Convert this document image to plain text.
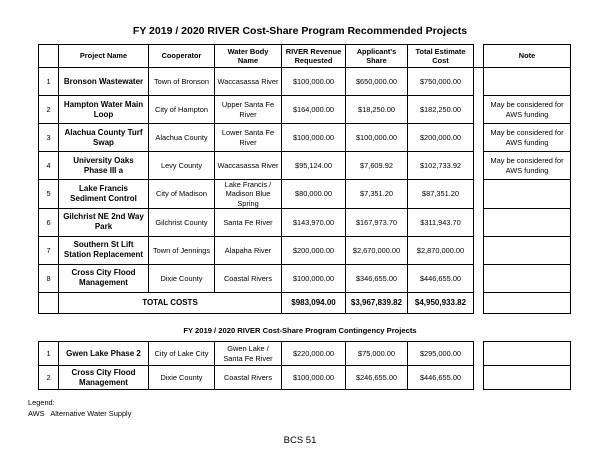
FY 2019 / 2020 RIVER Cost-Share Program Recommended Projects
	Project Name	Cooperator	Water Body Name	RIVER Revenue Requested	Applicant's Share	Total Estimate Cost		Note
1	Bronson Wastewater	Town of Bronson	Waccasassa River	$100,000.00	$650,000.00	$750,000.00		
2	Hampton Water Main Loop	City of Hampton	Upper Santa Fe River	$164,000.00	$18,250.00	$182,250.00		May be considered for AWS funding
3	Alachua County Turf Swap	Alachua County	Lower Santa Fe River	$100,000.00	$100,000.00	$200,000.00		May be considered for AWS funding
4	University Oaks Phase III a	Levy County	Waccasassa River	$95,124.00	$7,609.92	$102,733.92		May be considered for AWS funding
5	Lake Francis Sediment Control	City of Madison	Lake Francis / Madison Blue Spring	$80,000.00	$7,351.20	$87,351.20		
6	Gilchrist NE 2nd Way Park	Gilchrist County	Santa Fe River	$143,970.00	$167,973.70	$311,943.70		
7	Southern St Lift Station Replacement	Town of Jennings	Alapaha River	$200,000.00	$2,670,000.00	$2,870,000.00		
8	Cross City Flood Management	Dixie County	Coastal Rivers	$100,000.00	$346,655.00	$446,655.00		
	TOTAL COSTS			$983,094.00	$3,967,839.82	$4,950,933.82		
FY 2019 / 2020 RIVER Cost-Share Program Contingency Projects
1	Gwen Lake Phase 2	City of Lake City	Gwen Lake / Santa Fe River	$220,000.00	$75,000.00	$295,000.00		
2	Cross City Flood Management	Dixie County	Coastal Rivers	$100,000.00	$246,655.00	$446,655.00		
Legend:
AWS Alternative Water Supply
BCS 51
